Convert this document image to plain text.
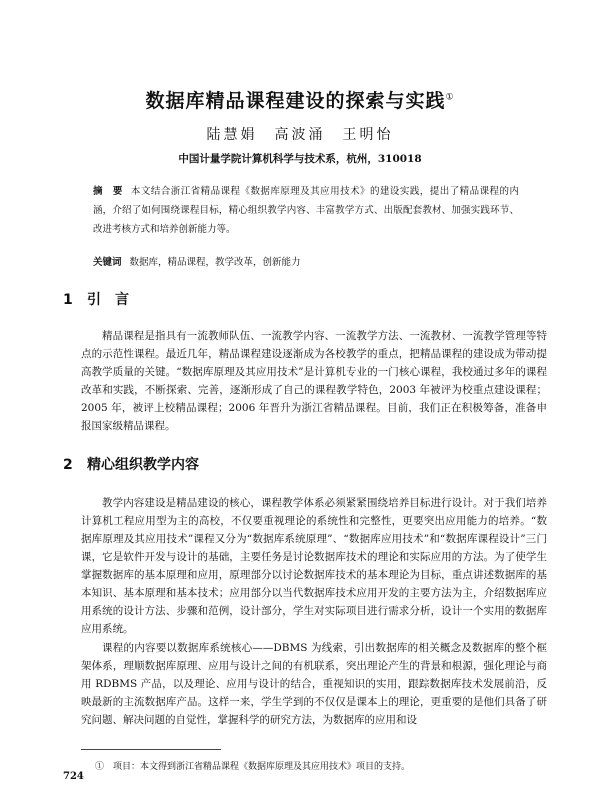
数据库精品课程建设的探索与实践①
陆慧娟　高波涌　王明怡
中国计量学院计算机科学与技术系，杭州，310018
摘　要 本文结合浙江省精品课程《数据库原理及其应用技术》的建设实践，提出了精品课程的内涵，介绍了如何围绕课程目标，精心组织教学内容、丰富教学方式、出版配套教材、加强实践环节、改进考核方式和培养创新能力等。
关键词 数据库，精品课程，教学改革，创新能力
1 引　言

精品课程是指具有一流教师队伍、一流教学内容、一流教学方法、一流教材、一流教学管理等特点的示范性课程。最近几年，精品课程建设逐渐成为各校教学的重点，把精品课程的建设成为带动提高教学质量的关键。“数据库原理及其应用技术”是计算机专业的一门核心课程，我校通过多年的课程改革和实践，不断探索、完善，逐渐形成了自己的课程教学特色，2003 年被评为校重点建设课程；2005 年，被评上校精品课程；2006 年晋升为浙江省精品课程。目前，我们正在积极筹备，准备申报国家级精品课程。

2 精心组织教学内容

教学内容建设是精品建设的核心，课程教学体系必须紧紧围绕培养目标进行设计。对于我们培养计算机工程应用型为主的高校，不仅要重视理论的系统性和完整性，更要突出应用能力的培养。“数据库原理及其应用技术”课程又分为“数据库系统原理”、“数据库应用技术”和“数据库课程设计”三门课，它是软件开发与设计的基础，主要任务是讨论数据库技术的理论和实际应用的方法。为了使学生掌握数据库的基本原理和应用，原理部分以讨论数据库技术的基本理论为目标，重点讲述数据库的基本知识、基本原理和基本技术；应用部分以当代数据库技术应用开发的主要方法为主，介绍数据库应用系统的设计方法、步骤和范例，设计部分，学生对实际项目进行需求分析，设计一个实用的数据库应用系统。

课程的内容要以数据库系统核心——DBMS 为线索，引出数据库的相关概念及数据库的整个框架体系，理顺数据库原理、应用与设计之间的有机联系，突出理论产生的背景和根源，强化理论与商用 RDBMS 产品，以及理论、应用与设计的结合，重视知识的实用，跟踪数据库技术发展前沿，反映最新的主流数据库产品。这样一来，学生学到的不仅仅是课本上的理论，更重要的是他们具备了研究问题、解决问题的自觉性，掌握科学的研究方法，为数据库的应用和设

①　项目：本文得到浙江省精品课程《数据库原理及其应用技术》项目的支持。
724
